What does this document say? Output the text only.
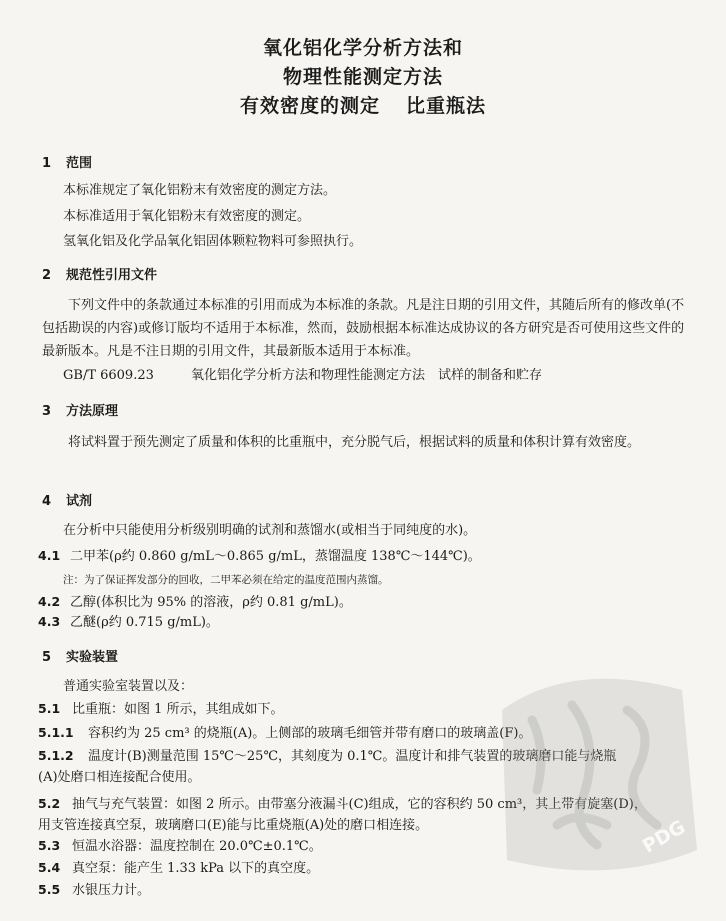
氧化铝化学分析方法和
物理性能测定方法
有效密度的测定 比重瓶法
1 范围
本标准规定了氧化铝粉末有效密度的测定方法。
本标准适用于氧化铝粉末有效密度的测定。
氢氧化铝及化学品氧化铝固体颗粒物料可参照执行。
2 规范性引用文件
下列文件中的条款通过本标准的引用而成为本标准的条款。凡是注日期的引用文件，其随后所有的修改单(不包括勘误的内容)或修订版均不适用于本标准，然而，鼓励根据本标准达成协议的各方研究是否可使用这些文件的最新版本。凡是不注日期的引用文件，其最新版本适用于本标准。
GB/T 6609.23	氧化铝化学分析方法和物理性能测定方法　试样的制备和贮存
3 方法原理
将试料置于预先测定了质量和体积的比重瓶中，充分脱气后，根据试料的质量和体积计算有效密度。
4 试剂
在分析中只能使用分析级别明确的试剂和蒸馏水(或相当于同纯度的水)。
4.1 二甲苯(ρ约 0.860 g/mL～0.865 g/mL，蒸馏温度 138℃～144℃)。
注：为了保证挥发部分的回收，二甲苯必须在给定的温度范围内蒸馏。
4.2 乙醇(体积比为 95% 的溶液，ρ约 0.81 g/mL)。
4.3 乙醚(ρ约 0.715 g/mL)。
5 实验装置
普通实验室装置以及：
5.1 比重瓶：如图 1 所示，其组成如下。
5.1.1 容积约为 25 cm³ 的烧瓶(A)。上侧部的玻璃毛细管并带有磨口的玻璃盖(F)。
5.1.2 温度计(B)测量范围 15℃～25℃，其刻度为 0.1℃。温度计和排气装置的玻璃磨口能与烧瓶
(A)处磨口相连接配合使用。
5.2 抽气与充气装置：如图 2 所示。由带塞分液漏斗(C)组成，它的容积约 50 cm³，其上带有旋塞(D)，
用支管连接真空泵，玻璃磨口(E)能与比重烧瓶(A)处的磨口相连接。
5.3 恒温水浴器：温度控制在 20.0℃±0.1℃。
5.4 真空泵：能产生 1.33 kPa 以下的真空度。
5.5 水银压力计。
PDG
